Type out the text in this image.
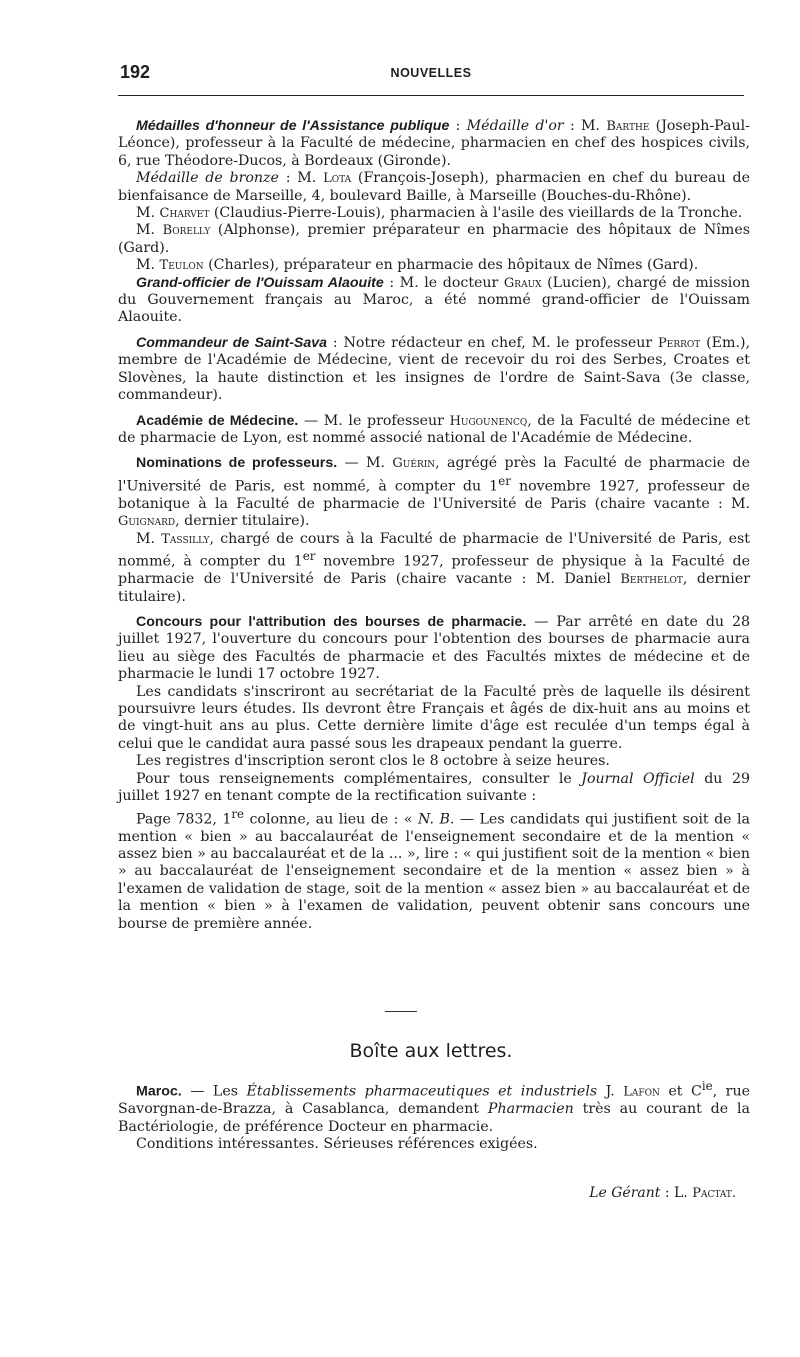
192	NOUVELLES

Médailles d'honneur de l'Assistance publique : Médaille d'or : M. Barthe (Joseph-Paul-Léonce), professeur à la Faculté de médecine, pharmacien en chef des hospices civils, 6, rue Théodore-Ducos, à Bordeaux (Gironde).

Médaille de bronze : M. Lota (François-Joseph), pharmacien en chef du bureau de bienfaisance de Marseille, 4, boulevard Baille, à Marseille (Bouches-du-Rhône).

M. Charvet (Claudius-Pierre-Louis), pharmacien à l'asile des vieillards de la Tronche.

M. Borelly (Alphonse), premier préparateur en pharmacie des hôpitaux de Nîmes (Gard).

M. Teulon (Charles), préparateur en pharmacie des hôpitaux de Nîmes (Gard).

Grand-officier de l'Ouissam Alaouite : M. le docteur Graux (Lucien), chargé de mission du Gouvernement français au Maroc, a été nommé grand-officier de l'Ouissam Alaouite.

Commandeur de Saint-Sava : Notre rédacteur en chef, M. le professeur Perrot (Em.), membre de l'Académie de Médecine, vient de recevoir du roi des Serbes, Croates et Slovènes, la haute distinction et les insignes de l'ordre de Saint-Sava (3e classe, commandeur).

Académie de Médecine. — M. le professeur Hugounencq, de la Faculté de médecine et de pharmacie de Lyon, est nommé associé national de l'Académie de Médecine.

Nominations de professeurs. — M. Guérin, agrégé près la Faculté de pharmacie de l'Université de Paris, est nommé, à compter du 1er novembre 1927, professeur de botanique à la Faculté de pharmacie de l'Université de Paris (chaire vacante : M. Guignard, dernier titulaire).

M. Tassilly, chargé de cours à la Faculté de pharmacie de l'Université de Paris, est nommé, à compter du 1er novembre 1927, professeur de physique à la Faculté de pharmacie de l'Université de Paris (chaire vacante : M. Daniel Berthelot, dernier titulaire).

Concours pour l'attribution des bourses de pharmacie. — Par arrêté en date du 28 juillet 1927, l'ouverture du concours pour l'obtention des bourses de pharmacie aura lieu au siège des Facultés de pharmacie et des Facultés mixtes de médecine et de pharmacie le lundi 17 octobre 1927.

Les candidats s'inscriront au secrétariat de la Faculté près de laquelle ils désirent poursuivre leurs études. Ils devront être Français et âgés de dix-huit ans au moins et de vingt-huit ans au plus. Cette dernière limite d'âge est reculée d'un temps égal à celui que le candidat aura passé sous les drapeaux pendant la guerre.

Les registres d'inscription seront clos le 8 octobre à seize heures.

Pour tous renseignements complémentaires, consulter le Journal Officiel du 29 juillet 1927 en tenant compte de la rectification suivante :

Page 7832, 1re colonne, au lieu de : « N. B. — Les candidats qui justifient soit de la mention « bien » au baccalauréat de l'enseignement secondaire et de la mention « assez bien » au baccalauréat et de la ... », lire : « qui justifient soit de la mention « bien » au baccalauréat de l'enseignement secondaire et de la mention « assez bien » à l'examen de validation de stage, soit de la mention « assez bien » au baccalauréat et de la mention « bien » à l'examen de validation, peuvent obtenir sans concours une bourse de première année.

Boîte aux lettres.

Maroc. — Les Établissements pharmaceutiques et industriels J. Lafon et $C^{ie}$, rue Savorgnan-de-Brazza, à Casablanca, demandent Pharmacien très au courant de la Bactériologie, de préférence Docteur en pharmacie.

Conditions intéressantes. Sérieuses références exigées.

Le Gérant : L. Pactat.
